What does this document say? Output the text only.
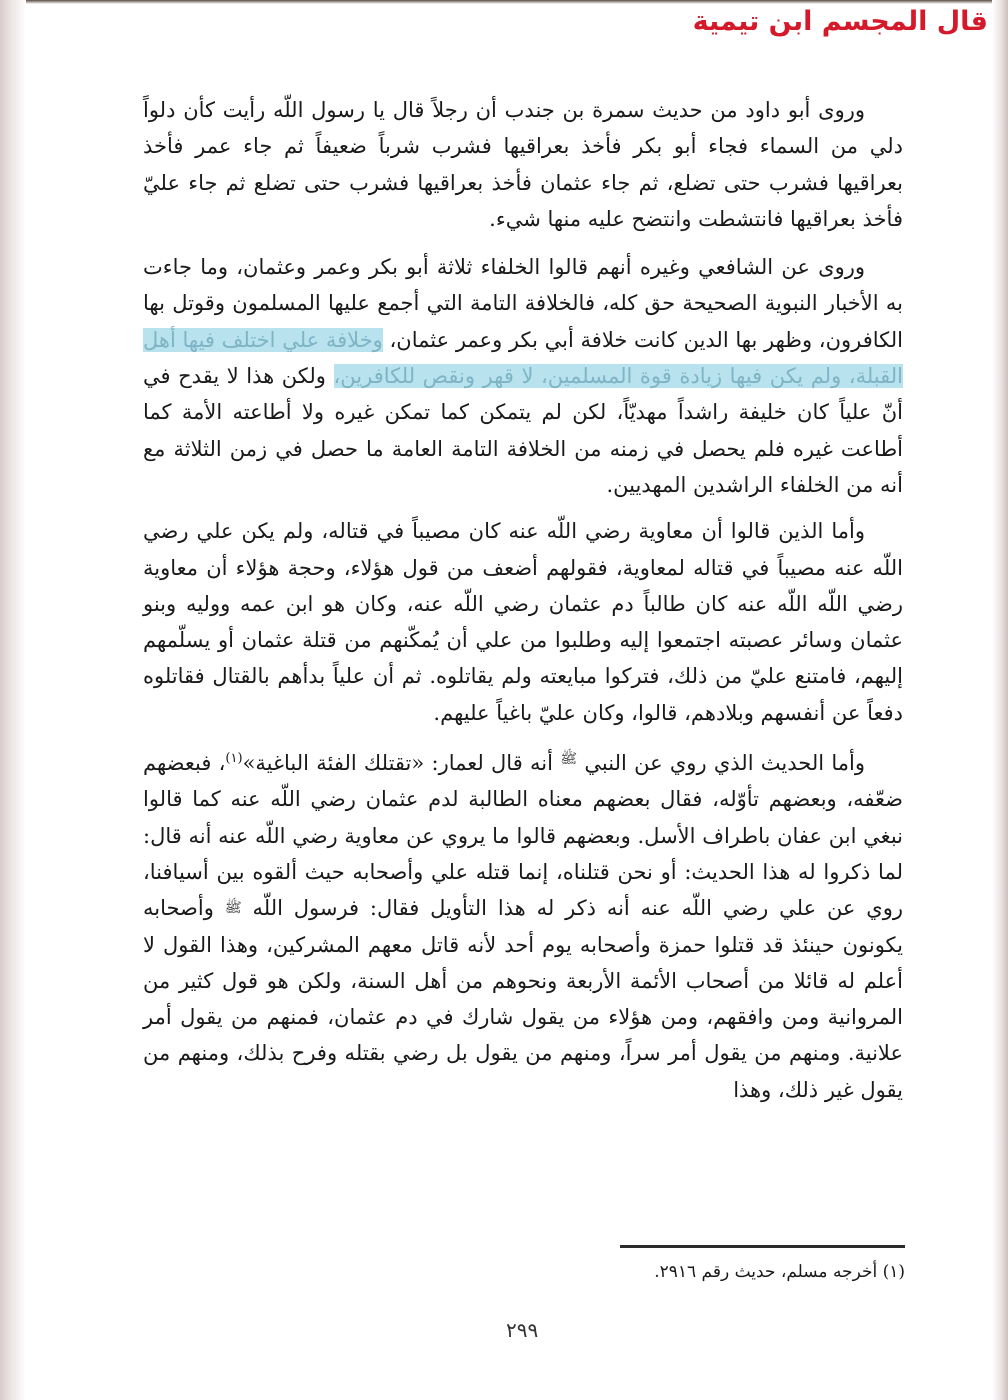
قال المجسم ابن تيمية

وروى أبو داود من حديث سمرة بن جندب أن رجلاً قال يا رسول اللّه رأيت كأن دلواً دلي من السماء فجاء أبو بكر فأخذ بعراقيها فشرب شرباً ضعيفاً ثم جاء عمر فأخذ بعراقيها فشرب حتى تضلع، ثم جاء عثمان فأخذ بعراقيها فشرب حتى تضلع ثم جاء عليّ فأخذ بعراقيها فانتشطت وانتضح عليه منها شيء.

وروى عن الشافعي وغيره أنهم قالوا الخلفاء ثلاثة أبو بكر وعمر وعثمان، وما جاءت به الأخبار النبوية الصحيحة حق كله، فالخلافة التامة التي أجمع عليها المسلمون وقوتل بها الكافرون، وظهر بها الدين كانت خلافة أبي بكر وعمر عثمان، وخلافة علي اختلف فيها أهل القبلة، ولم يكن فيها زيادة قوة المسلمين، لا قهر ونقص للكافرين، ولكن هذا لا يقدح في أنّ علياً كان خليفة راشداً مهديّاً، لكن لم يتمكن كما تمكن غيره ولا أطاعته الأمة كما أطاعت غيره فلم يحصل في زمنه من الخلافة التامة العامة ما حصل في زمن الثلاثة مع أنه من الخلفاء الراشدين المهديين.

وأما الذين قالوا أن معاوية رضي اللّه عنه كان مصيباً في قتاله، ولم يكن علي رضي اللّه عنه مصيباً في قتاله لمعاوية، فقولهم أضعف من قول هؤلاء، وحجة هؤلاء أن معاوية رضي اللّه اللّه عنه كان طالباً دم عثمان رضي اللّه عنه، وكان هو ابن عمه ووليه وبنو عثمان وسائر عصبته اجتمعوا إليه وطلبوا من علي أن يُمكّنهم من قتلة عثمان أو يسلّمهم إليهم، فامتنع عليّ من ذلك، فتركوا مبايعته ولم يقاتلوه. ثم أن علياً بدأهم بالقتال فقاتلوه دفعاً عن أنفسهم وبلادهم، قالوا، وكان عليّ باغياً عليهم.

وأما الحديث الذي روي عن النبي $^ﷺ$ أنه قال لعمار: «تقتلك الفئة الباغية»$^{(١)}$، فبعضهم ضعّفه، وبعضهم تأوّله، فقال بعضهم معناه الطالبة لدم عثمان رضي اللّه عنه كما قالوا نبغي ابن عفان باطراف الأسل. وبعضهم قالوا ما يروي عن معاوية رضي اللّه عنه أنه قال: لما ذكروا له هذا الحديث: أو نحن قتلناه، إنما قتله علي وأصحابه حيث ألقوه بين أسيافنا، روي عن علي رضي اللّه عنه أنه ذكر له هذا التأويل فقال: فرسول اللّه $^ﷺ$ وأصحابه يكونون حينئذ قد قتلوا حمزة وأصحابه يوم أحد لأنه قاتل معهم المشركين، وهذا القول لا أعلم له قائلا من أصحاب الأئمة الأربعة ونحوهم من أهل السنة، ولكن هو قول كثير من المروانية ومن وافقهم، ومن هؤلاء من يقول شارك في دم عثمان، فمنهم من يقول أمر علانية. ومنهم من يقول أمر سراً، ومنهم من يقول بل رضي بقتله وفرح بذلك، ومنهم من يقول غير ذلك، وهذا

(١) أخرجه مسلم، حديث رقم ٢٩١٦.
٢٩٩
